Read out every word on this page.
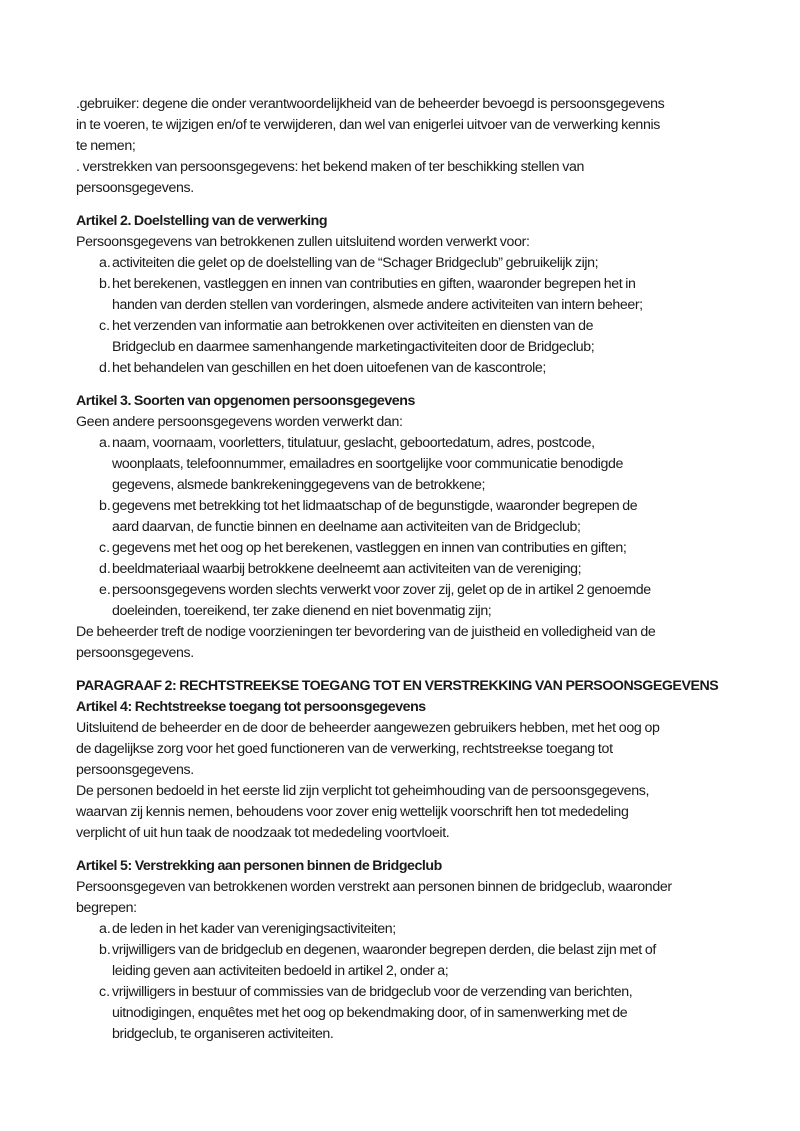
.gebruiker: degene die onder verantwoordelijkheid van de beheerder bevoegd is persoonsgegevens
in te voeren, te wijzigen en/of te verwijderen, dan wel van enigerlei uitvoer van de verwerking kennis
te nemen;
. verstrekken van persoonsgegevens: het bekend maken of ter beschikking stellen van
persoonsgegevens.
Artikel 2. Doelstelling van de verwerking
Persoonsgegevens van betrokkenen zullen uitsluitend worden verwerkt voor:
a. activiteiten die gelet op de doelstelling van de “Schager Bridgeclub” gebruikelijk zijn;
b. het berekenen, vastleggen en innen van contributies en giften, waaronder begrepen het in
handen van derden stellen van vorderingen, alsmede andere activiteiten van intern beheer;
c. het verzenden van informatie aan betrokkenen over activiteiten en diensten van de
Bridgeclub en daarmee samenhangende marketingactiviteiten door de Bridgeclub;
d. het behandelen van geschillen en het doen uitoefenen van de kascontrole;
Artikel 3. Soorten van opgenomen persoonsgegevens
Geen andere persoonsgegevens worden verwerkt dan:
a. naam, voornaam, voorletters, titulatuur, geslacht, geboortedatum, adres, postcode,
woonplaats, telefoonnummer, emailadres en soortgelijke voor communicatie benodigde
gegevens, alsmede bankrekeninggegevens van de betrokkene;
b. gegevens met betrekking tot het lidmaatschap of de begunstigde, waaronder begrepen de
aard daarvan, de functie binnen en deelname aan activiteiten van de Bridgeclub;
c. gegevens met het oog op het berekenen, vastleggen en innen van contributies en giften;
d. beeldmateriaal waarbij betrokkene deelneemt aan activiteiten van de vereniging;
e. persoonsgegevens worden slechts verwerkt voor zover zij, gelet op de in artikel 2 genoemde
doeleinden, toereikend, ter zake dienend en niet bovenmatig zijn;
De beheerder treft de nodige voorzieningen ter bevordering van de juistheid en volledigheid van de
persoonsgegevens.
PARAGRAAF 2: RECHTSTREEKSE TOEGANG TOT EN VERSTREKKING VAN PERSOONSGEGEVENS
Artikel 4: Rechtstreekse toegang tot persoonsgegevens
Uitsluitend de beheerder en de door de beheerder aangewezen gebruikers hebben, met het oog op
de dagelijkse zorg voor het goed functioneren van de verwerking, rechtstreekse toegang tot
persoonsgegevens.
De personen bedoeld in het eerste lid zijn verplicht tot geheimhouding van de persoonsgegevens,
waarvan zij kennis nemen, behoudens voor zover enig wettelijk voorschrift hen tot mededeling
verplicht of uit hun taak de noodzaak tot mededeling voortvloeit.
Artikel 5: Verstrekking aan personen binnen de Bridgeclub
Persoonsgegeven van betrokkenen worden verstrekt aan personen binnen de bridgeclub, waaronder
begrepen:
a. de leden in het kader van verenigingsactiviteiten;
b. vrijwilligers van de bridgeclub en degenen, waaronder begrepen derden, die belast zijn met of
leiding geven aan activiteiten bedoeld in artikel 2, onder a;
c. vrijwilligers in bestuur of commissies van de bridgeclub voor de verzending van berichten,
uitnodigingen, enquêtes met het oog op bekendmaking door, of in samenwerking met de
bridgeclub, te organiseren activiteiten.
